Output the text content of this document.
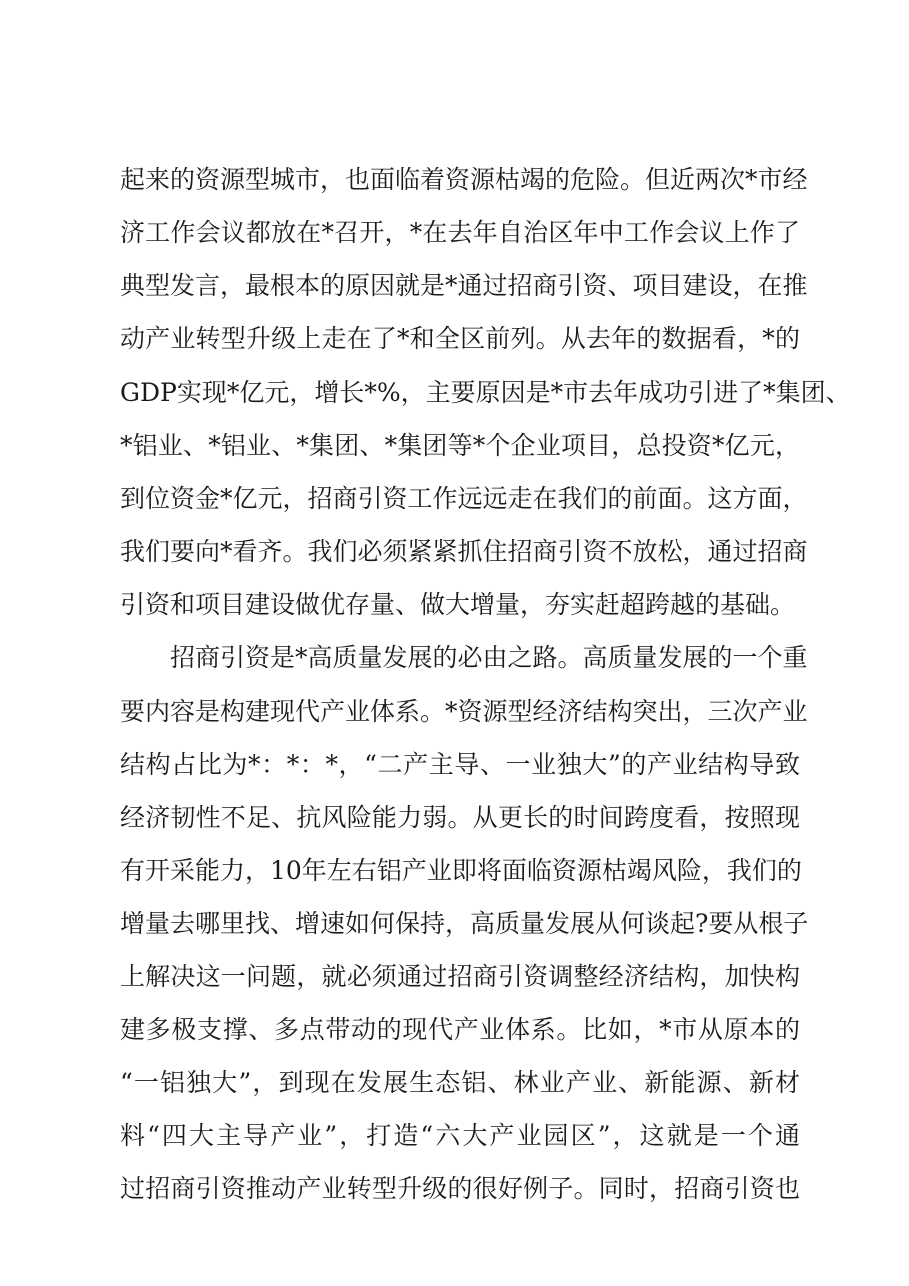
起来的资源型城市，也面临着资源枯竭的危险。但近两次*市经
济工作会议都放在*召开，*在去年自治区年中工作会议上作了
典型发言，最根本的原因就是*通过招商引资、项目建设，在推
动产业转型升级上走在了*和全区前列。从去年的数据看，*的
GDP实现*亿元，增长*%，主要原因是*市去年成功引进了*集团、
*铝业、*铝业、*集团、*集团等*个企业项目，总投资*亿元，
到位资金*亿元，招商引资工作远远走在我们的前面。这方面，
我们要向*看齐。我们必须紧紧抓住招商引资不放松，通过招商
引资和项目建设做优存量、做大增量，夯实赶超跨越的基础。
招商引资是*高质量发展的必由之路。高质量发展的一个重
要内容是构建现代产业体系。*资源型经济结构突出，三次产业
结构占比为*：*：*，“二产主导、一业独大”的产业结构导致
经济韧性不足、抗风险能力弱。从更长的时间跨度看，按照现
有开采能力，10年左右铝产业即将面临资源枯竭风险，我们的
增量去哪里找、增速如何保持，高质量发展从何谈起?要从根子
上解决这一问题，就必须通过招商引资调整经济结构，加快构
建多极支撑、多点带动的现代产业体系。比如，*市从原本的
“一铝独大”，到现在发展生态铝、林业产业、新能源、新材
料“四大主导产业”，打造“六大产业园区”，这就是一个通
过招商引资推动产业转型升级的很好例子。同时，招商引资也
